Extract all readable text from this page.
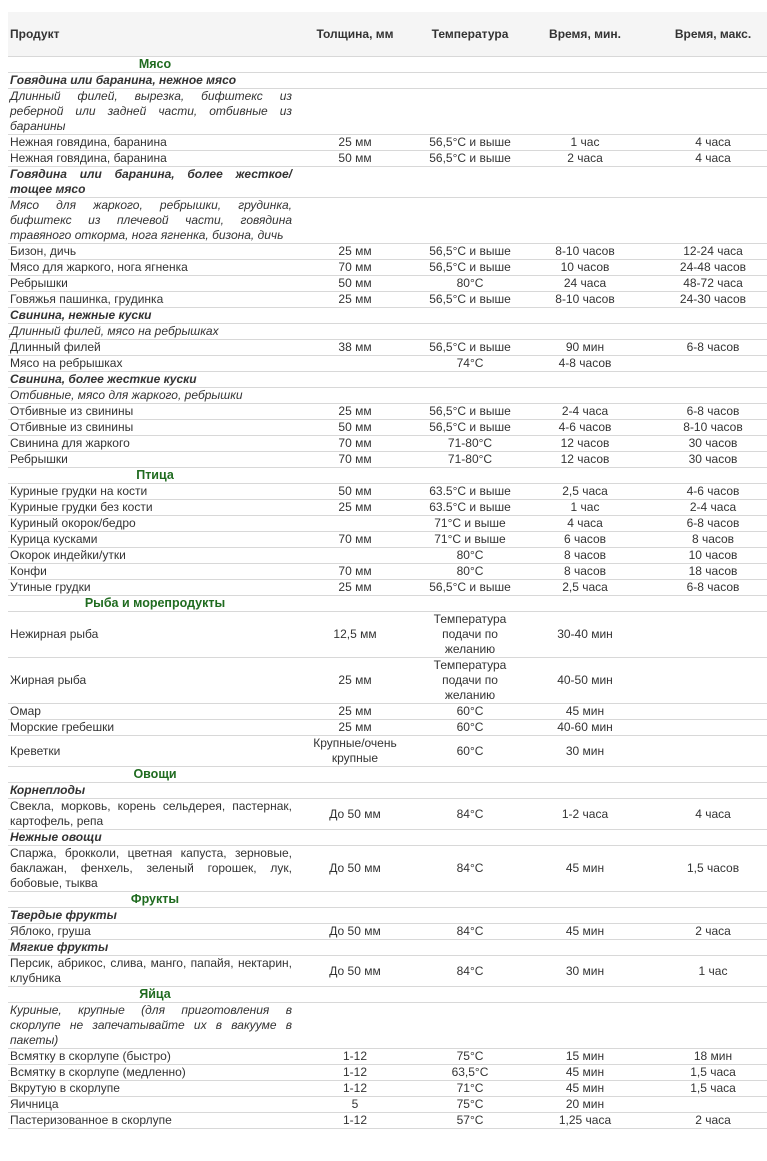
Продукт	Толщина, мм	Температура	Время, мин.	Время, макс.
Мясо				
Говядина или баранина, нежное мясо				
Длинный филей, вырезка, бифштекс из реберной или задней части, отбивные из баранины				
Нежная говядина, баранина	25 мм	56,5°С и выше	1 час	4 часа
Нежная говядина, баранина	50 мм	56,5°С и выше	2 часа	4 часа
Говядина или баранина, более жесткое/ тощее мясо				
Мясо для жаркого, ребрышки, грудинка, бифштекс из плечевой части, говядина травяного откорма, нога ягненка, бизона, дичь				
Бизон, дичь	25 мм	56,5°С и выше	8-10 часов	12-24 часа
Мясо для жаркого, нога ягненка	70 мм	56,5°С и выше	10 часов	24-48 часов
Ребрышки	50 мм	80°С	24 часа	48-72 часа
Говяжья пашинка, грудинка	25 мм	56,5°С и выше	8-10 часов	24-30 часов
Свинина, нежные куски				
Длинный филей, мясо на ребрышках				
Длинный филей	38 мм	56,5°С и выше	90 мин	6-8 часов
Мясо на ребрышках		74°С	4-8 часов	
Свинина, более жесткие куски				
Отбивные, мясо для жаркого, ребрышки				
Отбивные из свинины	25 мм	56,5°С и выше	2-4 часа	6-8 часов
Отбивные из свинины	50 мм	56,5°С и выше	4-6 часов	8-10 часов
Свинина для жаркого	70 мм	71-80°С	12 часов	30 часов
Ребрышки	70 мм	71-80°С	12 часов	30 часов
Птица				
Куриные грудки на кости	50 мм	63.5°С и выше	2,5 часа	4-6 часов
Куриные грудки без кости	25 мм	63.5°С и выше	1 час	2-4 часа
Куриный окорок/бедро		71°С и выше	4 часа	6-8 часов
Курица кусками	70 мм	71°С и выше	6 часов	8 часов
Окорок индейки/утки		80°С	8 часов	10 часов
Конфи	70 мм	80°С	8 часов	18 часов
Утиные грудки	25 мм	56,5°С и выше	2,5 часа	6-8 часов
Рыба и морепродукты				
Нежирная рыба	12,5 мм	Температура подачи по желанию	30-40 мин	
Жирная рыба	25 мм	Температура подачи по желанию	40-50 мин	
Омар	25 мм	60°С	45 мин	
Морские гребешки	25 мм	60°С	40-60 мин	
Креветки	Крупные/очень крупные	60°С	30 мин	
Овощи				
Корнеплоды				
Свекла, морковь, корень сельдерея, пастернак, картофель, репа	До 50 мм	84°С	1-2 часа	4 часа
Нежные овощи				
Спаржа, брокколи, цветная капуста, зерновые, баклажан, фенхель, зеленый горошек, лук, бобовые, тыква	До 50 мм	84°С	45 мин	1,5 часов
Фрукты				
Твердые фрукты				
Яблоко, груша	До 50 мм	84°С	45 мин	2 часа
Мягкие фрукты				
Персик, абрикос, слива, манго, папайя, нектарин, клубника	До 50 мм	84°С	30 мин	1 час
Яйца				
Куриные, крупные (для приготовления в скорлупе не запечатывайте их в вакууме в пакеты)				
Всмятку в скорлупе (быстро)	1-12	75°С	15 мин	18 мин
Всмятку в скорлупе (медленно)	1-12	63,5°С	45 мин	1,5 часа
Вкрутую в скорлупе	1-12	71°С	45 мин	1,5 часа
Яичница	5	75°С	20 мин	
Пастеризованное в скорлупе	1-12	57°С	1,25 часа	2 часа
